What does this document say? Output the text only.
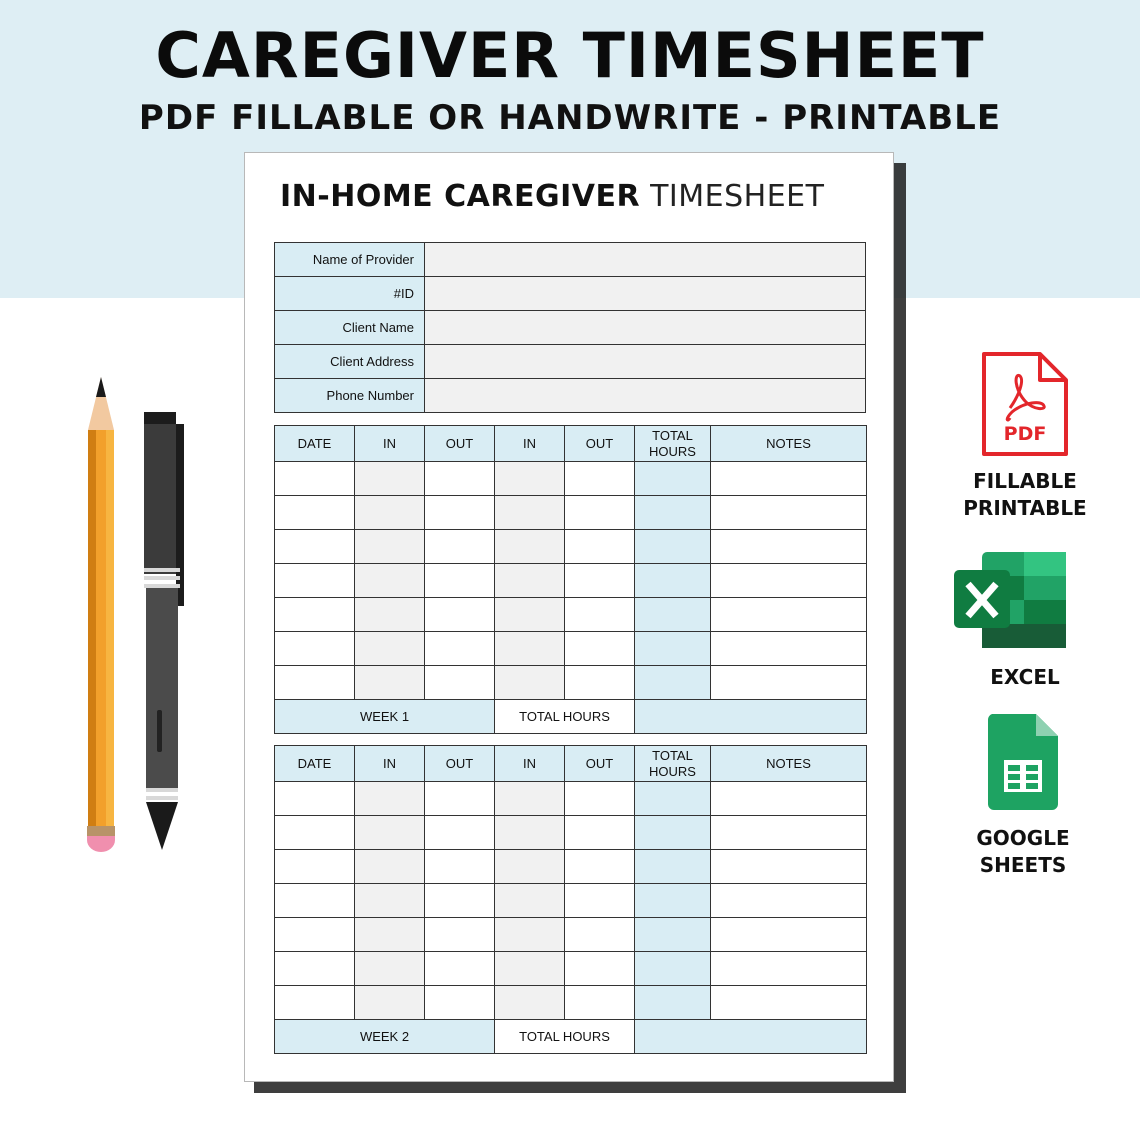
CAREGIVER TIMESHEET
PDF FILLABLE OR HANDWRITE - PRINTABLE
IN-HOME CAREGIVER TIMESHEET
Name of Provider	
#ID	
Client Name	
Client Address	
Phone Number	
DATE	IN	OUT	IN	OUT	TOTAL HOURS	NOTES

WEEK 1			TOTAL HOURS			
DATE	IN	OUT	IN	OUT	TOTAL HOURS	NOTES

WEEK 2			TOTAL HOURS			
PDF
FILLABLE
PRINTABLE
EXCEL
GOOGLE
SHEETS
